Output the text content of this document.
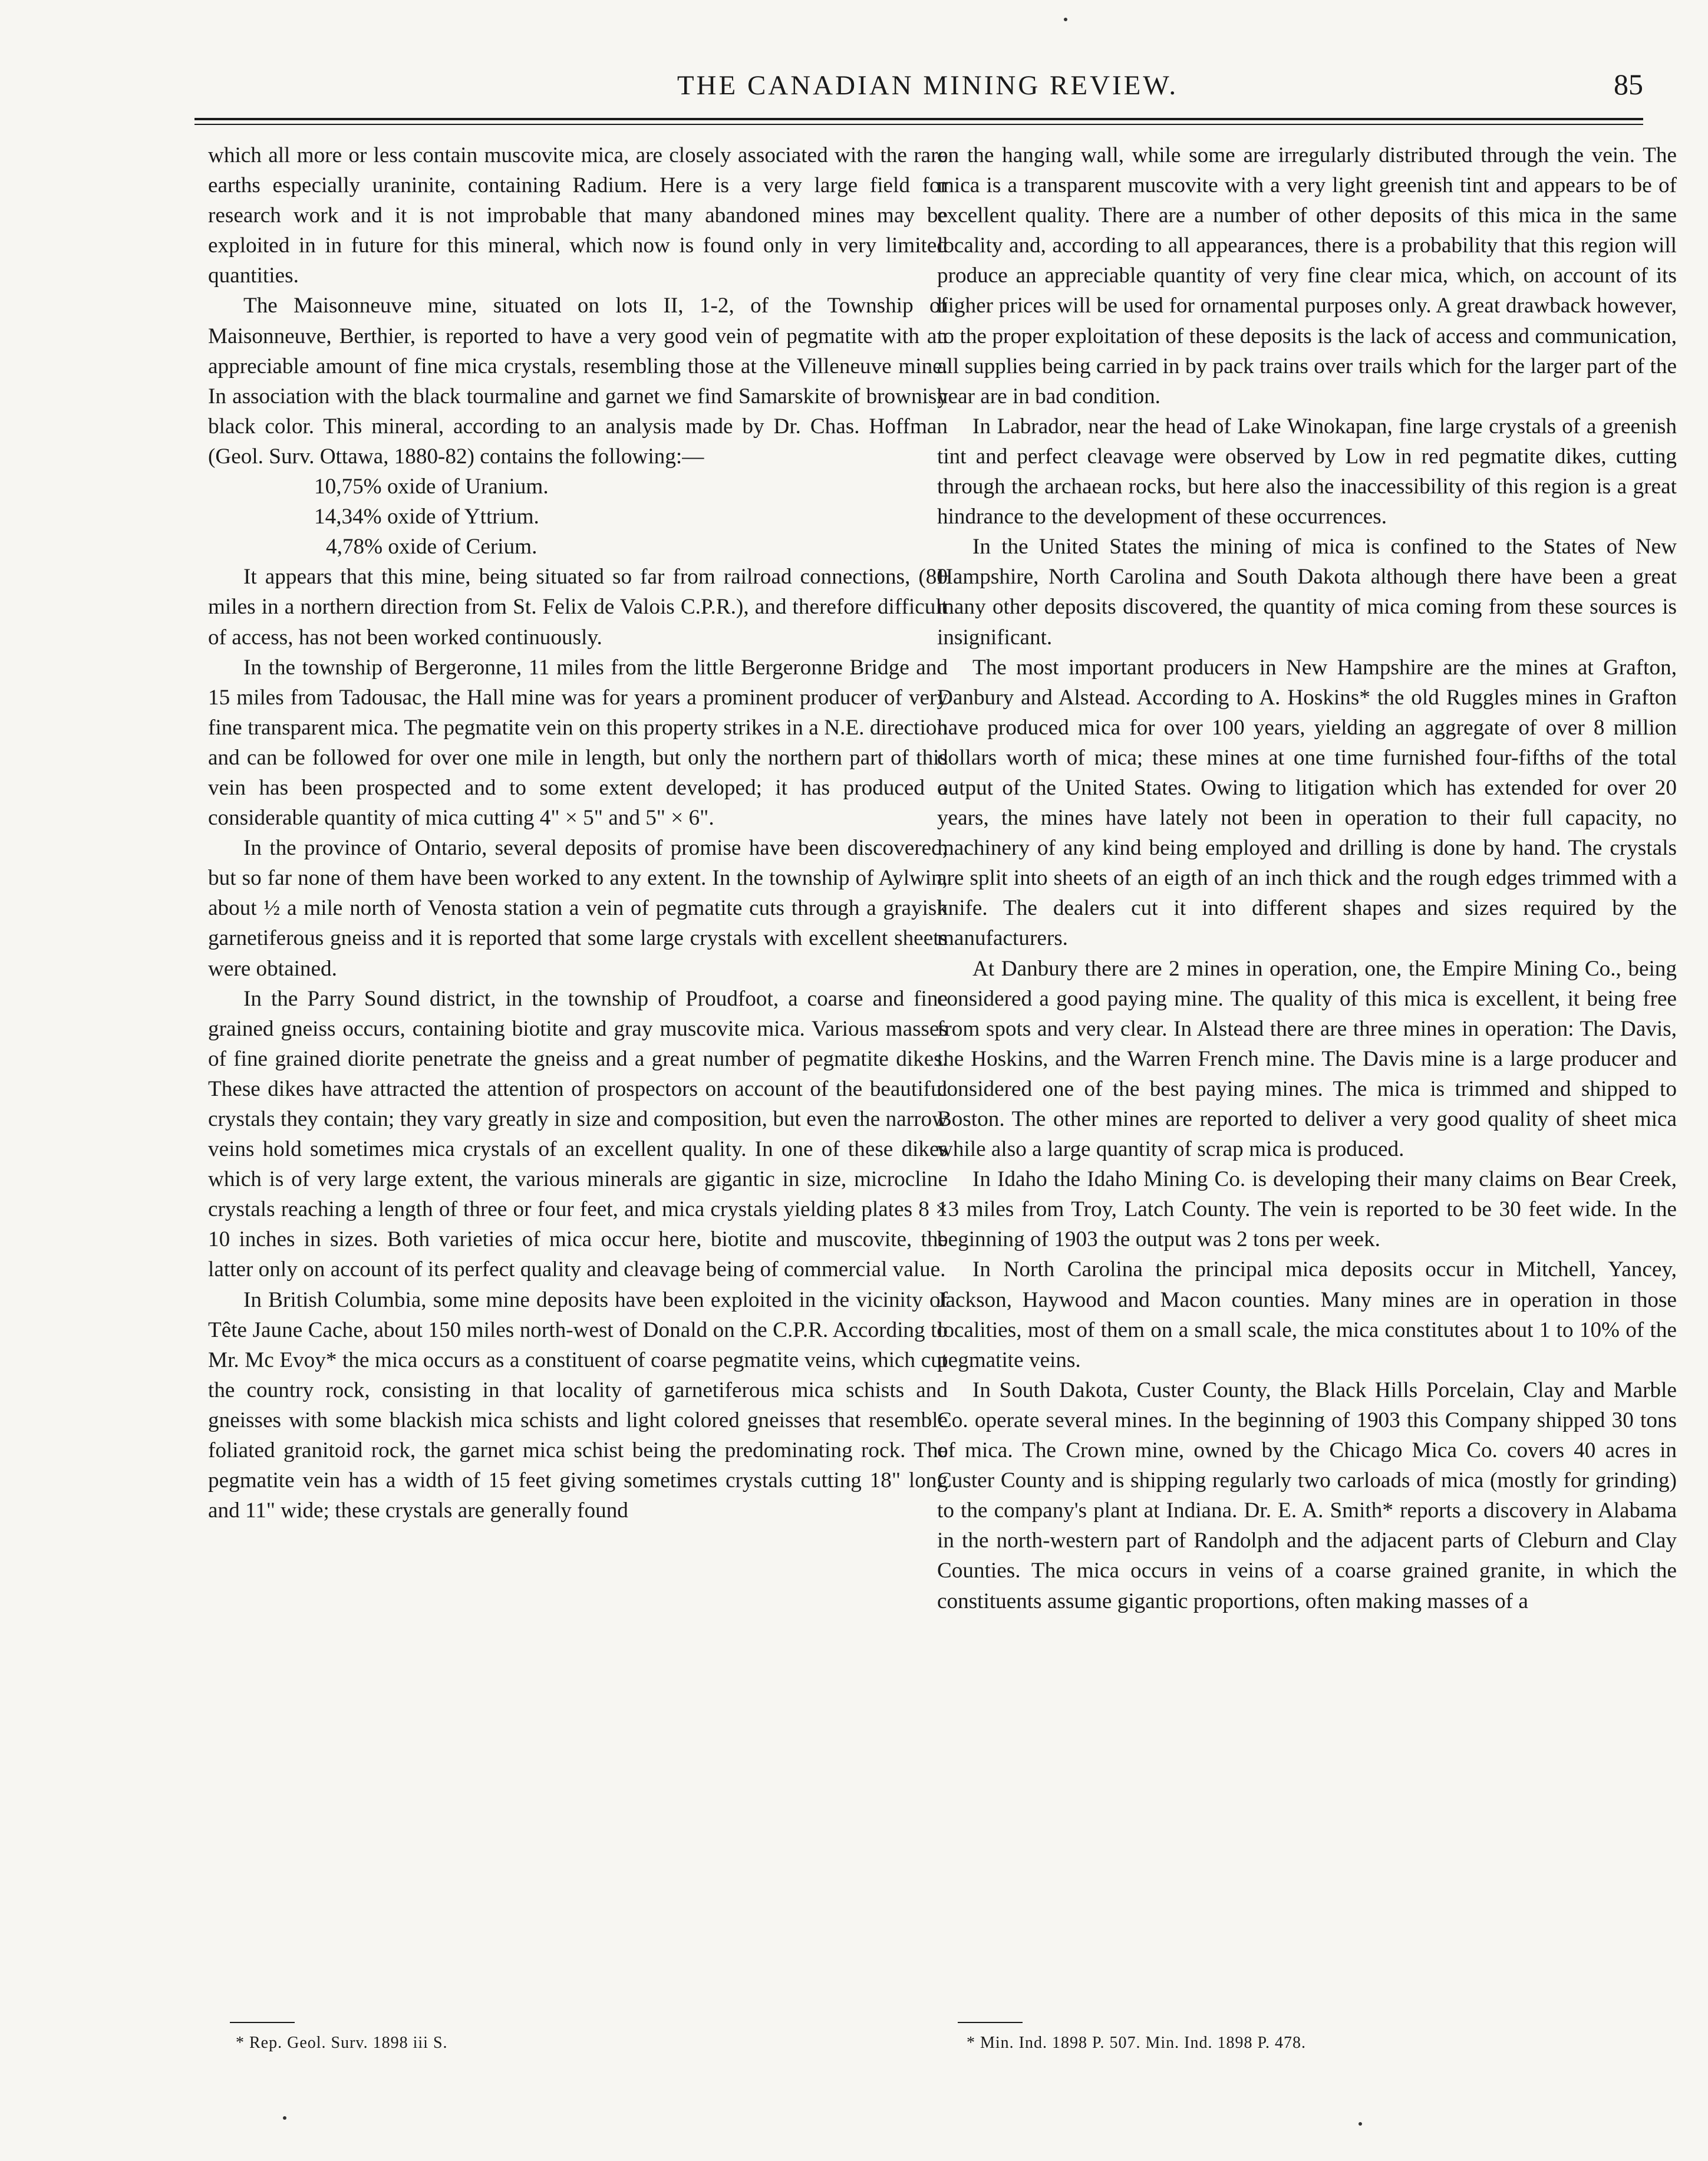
THE CANADIAN MINING REVIEW.	85

which all more or less contain muscovite mica, are closely associated with the rare earths especially uraninite, containing Radium. Here is a very large field for research work and it is not improbable that many abandoned mines may be exploited in in future for this mineral, which now is found only in very limited quantities.

The Maisonneuve mine, situated on lots II, 1-2, of the Township of Maisonneuve, Berthier, is reported to have a very good vein of pegmatite with an appreciable amount of fine mica crystals, resembling those at the Villeneuve mine. In association with the black tourmaline and garnet we find Samarskite of brownish black color. This mineral, according to an analysis made by Dr. Chas. Hoffman (Geol. Surv. Ottawa, 1880-82) contains the following:—

10,75% oxide of Uranium.
14,34% oxide of Yttrium.
4,78% oxide of Cerium.

It appears that this mine, being situated so far from railroad connections, (80 miles in a northern direction from St. Felix de Valois C.P.R.), and therefore difficult of access, has not been worked continuously.

In the township of Bergeronne, 11 miles from the little Bergeronne Bridge and 15 miles from Tadousac, the Hall mine was for years a prominent producer of very fine transparent mica. The pegmatite vein on this property strikes in a N.E. direction and can be followed for over one mile in length, but only the northern part of this vein has been prospected and to some extent developed; it has produced a considerable quantity of mica cutting 4" × 5" and 5" × 6".

In the province of Ontario, several deposits of promise have been discovered, but so far none of them have been worked to any extent. In the township of Aylwin, about ½ a mile north of Venosta station a vein of pegmatite cuts through a grayish garnetiferous gneiss and it is reported that some large crystals with excellent sheets were obtained.

In the Parry Sound district, in the township of Proudfoot, a coarse and fine grained gneiss occurs, containing biotite and gray muscovite mica. Various masses of fine grained diorite penetrate the gneiss and a great number of pegmatite dikes. These dikes have attracted the attention of prospectors on account of the beautiful crystals they contain; they vary greatly in size and composition, but even the narrow veins hold sometimes mica crystals of an excellent quality. In one of these dikes which is of very large extent, the various minerals are gigantic in size, microcline crystals reaching a length of three or four feet, and mica crystals yielding plates 8 × 10 inches in sizes. Both varieties of mica occur here, biotite and muscovite, the latter only on account of its perfect quality and cleavage being of commercial value.

In British Columbia, some mine deposits have been exploited in the vicinity of Tête Jaune Cache, about 150 miles north-west of Donald on the C.P.R. According to Mr. Mc Evoy* the mica occurs as a constituent of coarse pegmatite veins, which cut the country rock, consisting in that locality of garnetiferous mica schists and gneisses with some blackish mica schists and light colored gneisses that resemble foliated granitoid rock, the garnet mica schist being the predominating rock. The pegmatite vein has a width of 15 feet giving sometimes crystals cutting 18" long and 11" wide; these crystals are generally found

on the hanging wall, while some are irregularly distributed through the vein. The mica is a transparent muscovite with a very light greenish tint and appears to be of excellent quality. There are a number of other deposits of this mica in the same locality and, according to all appearances, there is a probability that this region will produce an appreciable quantity of very fine clear mica, which, on account of its higher prices will be used for ornamental purposes only. A great drawback however, to the proper exploitation of these deposits is the lack of access and communication, all supplies being carried in by pack trains over trails which for the larger part of the year are in bad condition.

In Labrador, near the head of Lake Winokapan, fine large crystals of a greenish tint and perfect cleavage were observed by Low in red pegmatite dikes, cutting through the archaean rocks, but here also the inaccessibility of this region is a great hindrance to the development of these occurrences.

In the United States the mining of mica is confined to the States of New Hampshire, North Carolina and South Dakota although there have been a great many other deposits discovered, the quantity of mica coming from these sources is insignificant.

The most important producers in New Hampshire are the mines at Grafton, Danbury and Alstead. According to A. Hoskins* the old Ruggles mines in Grafton have produced mica for over 100 years, yielding an aggregate of over 8 million dollars worth of mica; these mines at one time furnished four-fifths of the total output of the United States. Owing to litigation which has extended for over 20 years, the mines have lately not been in operation to their full capacity, no machinery of any kind being employed and drilling is done by hand. The crystals are split into sheets of an eigth of an inch thick and the rough edges trimmed with a knife. The dealers cut it into different shapes and sizes required by the manufacturers.

At Danbury there are 2 mines in operation, one, the Empire Mining Co., being considered a good paying mine. The quality of this mica is excellent, it being free from spots and very clear. In Alstead there are three mines in operation: The Davis, the Hoskins, and the Warren French mine. The Davis mine is a large producer and considered one of the best paying mines. The mica is trimmed and shipped to Boston. The other mines are reported to deliver a very good quality of sheet mica while also a large quantity of scrap mica is produced.

In Idaho the Idaho Mining Co. is developing their many claims on Bear Creek, 13 miles from Troy, Latch County. The vein is reported to be 30 feet wide. In the beginning of 1903 the output was 2 tons per week.

In North Carolina the principal mica deposits occur in Mitchell, Yancey, Jackson, Haywood and Macon counties. Many mines are in operation in those localities, most of them on a small scale, the mica constitutes about 1 to 10% of the pegmatite veins.

In South Dakota, Custer County, the Black Hills Porcelain, Clay and Marble Co. operate several mines. In the beginning of 1903 this Company shipped 30 tons of mica. The Crown mine, owned by the Chicago Mica Co. covers 40 acres in Custer County and is shipping regularly two carloads of mica (mostly for grinding) to the company's plant at Indiana. Dr. E. A. Smith* reports a discovery in Alabama in the north-western part of Randolph and the adjacent parts of Cleburn and Clay Counties. The mica occurs in veins of a coarse grained granite, in which the constituents assume gigantic proportions, often making masses of a

* Rep. Geol. Surv. 1898 iii S.	* Min. Ind. 1898 P. 507. Min. Ind. 1898 P. 478.
